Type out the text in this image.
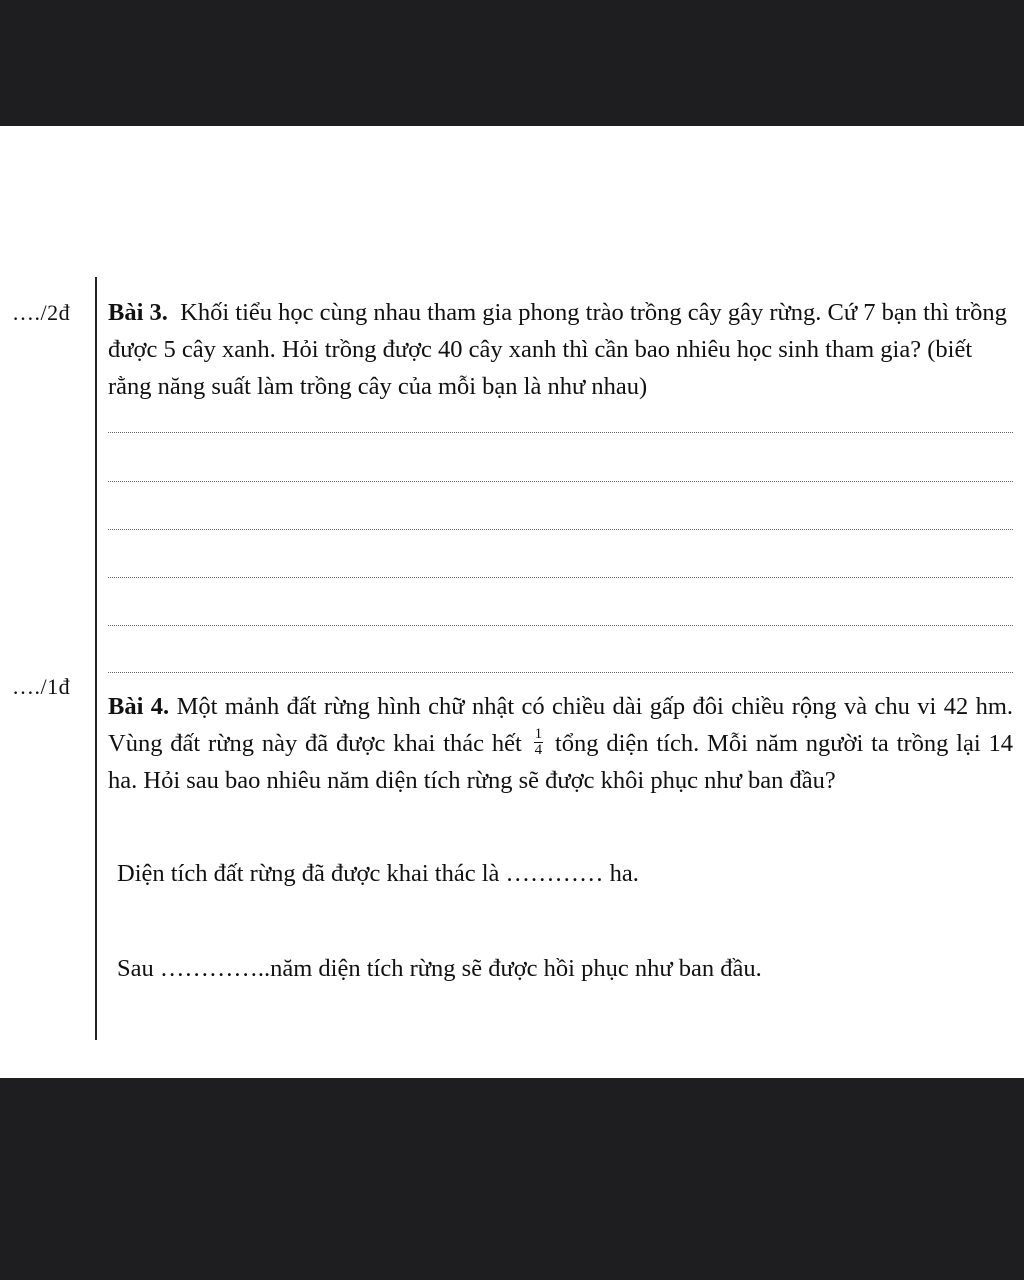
…./2đ Bài 3. Khối tiểu học cùng nhau tham gia phong trào trồng cây gây rừng. Cứ 7 bạn thì trồng được 5 cây xanh. Hỏi trồng được 40 cây xanh thì cần bao nhiêu học sinh tham gia? (biết rằng năng suất làm trồng cây của mỗi bạn là như nhau)
…./1đ
Bài 4. Một mảnh đất rừng hình chữ nhật có chiều dài gấp đôi chiều rộng và chu vi 42 hm. Vùng đất rừng này đã được khai thác hết $\frac{1}{4}$ tổng diện tích. Mỗi năm người ta trồng lại 14 ha. Hỏi sau bao nhiêu năm diện tích rừng sẽ được khôi phục như ban đầu?
Diện tích đất rừng đã được khai thác là ………… ha.
Sau …………..năm diện tích rừng sẽ được hồi phục như ban đầu.
